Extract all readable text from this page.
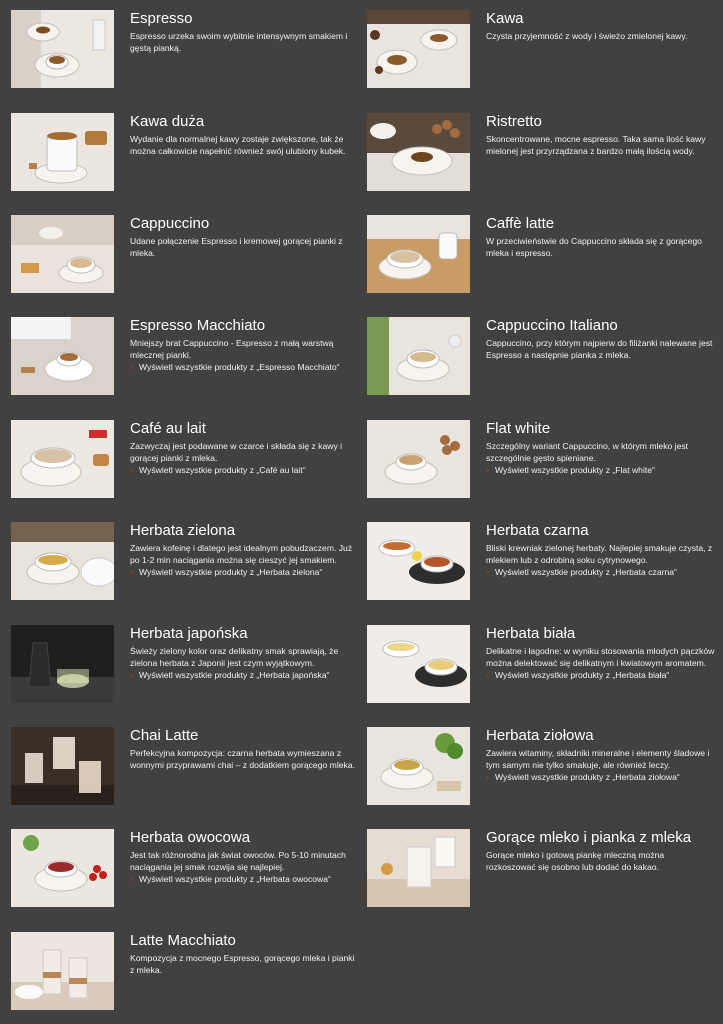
Espresso

Espresso urzeka swoim wybitnie intensywnym smakiem i gęstą pianką.

Kawa

Czysta przyjemność z wody i świeżo zmielonej kawy.

Kawa duża

Wydanie dla normalnej kawy zostaje zwiększone, tak że można całkowicie napełnić również swój ulubiony kubek.

Ristretto

Skoncentrowane, mocne espresso. Taka sama ilość kawy mielonej jest przyrządzana z bardzo małą ilością wody.

Cappuccino

Udane połączenie Espresso i kremowej gorącej pianki z mleka.

Caffè latte

W przeciwieństwie do Cappuccino składa się z gorącego mleka i espresso.

Espresso Macchiato

Mniejszy brat Cappuccino - Espresso z małą warstwą mlecznej pianki.

› Wyświetl wszystkie produkty z „Espresso Macchiato“
Cappuccino Italiano

Cappuccino, przy którym najpierw do filiżanki nalewane jest Espresso a następnie pianka z mleka.

Café au lait

Zazwyczaj jest podawane w czarce i składa się z kawy i gorącej pianki z mleka.

› Wyświetl wszystkie produkty z „Café au lait“
Flat white

Szczególny wariant Cappuccino, w którym mleko jest szczególnie gęsto spieniane.

› Wyświetl wszystkie produkty z „Flat white“
Herbata zielona

Zawiera kofeinę i dlatego jest idealnym pobudzaczem. Już po 1-2 min naciągania można się cieszyć jej smakiem.

› Wyświetl wszystkie produkty z „Herbata zielona“
Herbata czarna

Bliski krewniak zielonej herbaty. Najlepiej smakuje czysta, z mlekiem lub z odrobiną soku cytrynowego.

› Wyświetl wszystkie produkty z „Herbata czarna“
Herbata japońska

Świeży zielony kolor oraz delikatny smak sprawiają, że zielona herbata z Japonii jest czym wyjątkowym.

› Wyświetl wszystkie produkty z „Herbata japońska“
Herbata biała

Delikatne i łagodne: w wyniku stosowania młodych pączków można delektować się delikatnym i kwiatowym aromatem.

› Wyświetl wszystkie produkty z „Herbata biała“
Chai Latte

Perfekcyjna kompozycja: czarna herbata wymieszana z wonnymi przyprawami chai – z dodatkiem gorącego mleka.

Herbata ziołowa

Zawiera witaminy, składniki mineralne i elementy śladowe i tym samym nie tylko smakuje, ale również leczy.

› Wyświetl wszystkie produkty z „Herbata ziołowa“
Herbata owocowa

Jest tak różnorodna jak świat owoców. Po 5-10 minutach naciągania jej smak rozwija się najlepiej.

› Wyświetl wszystkie produkty z „Herbata owocowa“
Gorące mleko i pianka z mleka

Gorące mleko i gotową piankę mleczną można rozkoszować się osobno lub dodać do kakao.

Latte Macchiato

Kompozycja z mocnego Espresso, gorącego mleka i pianki z mleka.
